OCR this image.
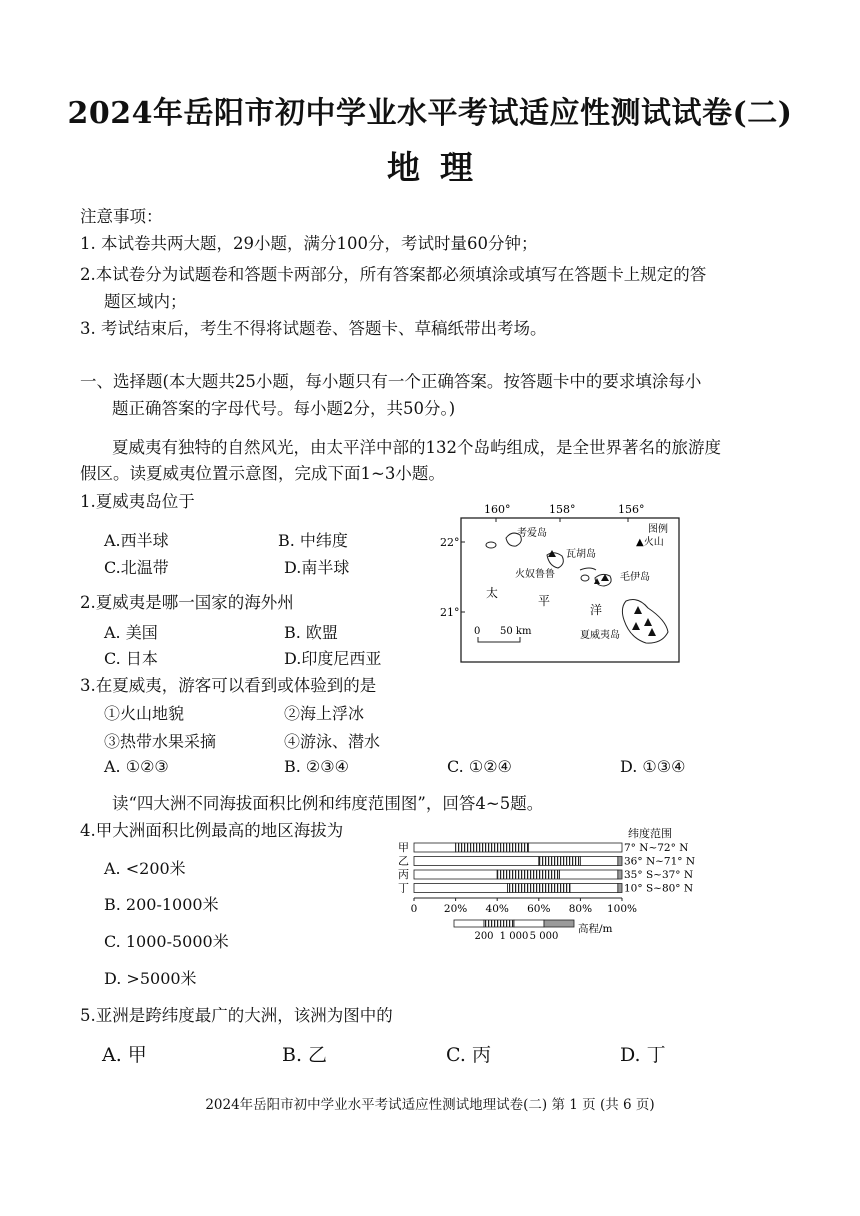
2024年岳阳市初中学业水平考试适应性测试试卷(二)
地 理
注意事项：
1. 本试卷共两大题，29小题，满分100分，考试时量60分钟；
2.本试卷分为试题卷和答题卡两部分，所有答案都必须填涂或填写在答题卡上规定的答
题区域内；
3. 考试结束后，考生不得将试题卷、答题卡、草稿纸带出考场。
一、选择题(本大题共25小题，每小题只有一个正确答案。按答题卡中的要求填涂每小
题正确答案的字母代号。每小题2分，共50分。)
夏威夷有独特的自然风光，由太平洋中部的132个岛屿组成，是全世界著名的旅游度
假区。读夏威夷位置示意图，完成下面1~3小题。
1.夏威夷岛位于
A.西半球	B. 中纬度
C.北温带	D.南半球
2.夏威夷是哪一国家的海外州
A. 美国	B. 欧盟
C. 日本	D.印度尼西亚
3.在夏威夷，游客可以看到或体验到的是
①火山地貌	②海上浮冰
③热带水果采摘	④游泳、潜水
A. ①②③	B. ②③④	C. ①②④	D. ①③④
读“四大洲不同海拔面积比例和纬度范围图”，回答4~5题。
4.甲大洲面积比例最高的地区海拔为
A. <200米
B. 200-1000米
C. 1000-5000米
D. >5000米
5.亚洲是跨纬度最广的大洲，该洲为图中的
A. 甲	B. 乙	C. 丙	D. 丁
160°	158°	156°
22°
21°
考爱岛
瓦胡岛
火奴鲁鲁	毛伊岛
夏威夷岛
太
平
洋
图例
▲火山
0 50 km
纬度范围
甲	7° N~72° N
乙	36° N~71° N
丙	35° S~37° N
丁	10° S~80° N
0	20% 40% 60% 80% 100%
200 1 000 5 000
高程/m
2024年岳阳市初中学业水平考试适应性测试地理试卷(二) 第 1 页 (共 6 页)
